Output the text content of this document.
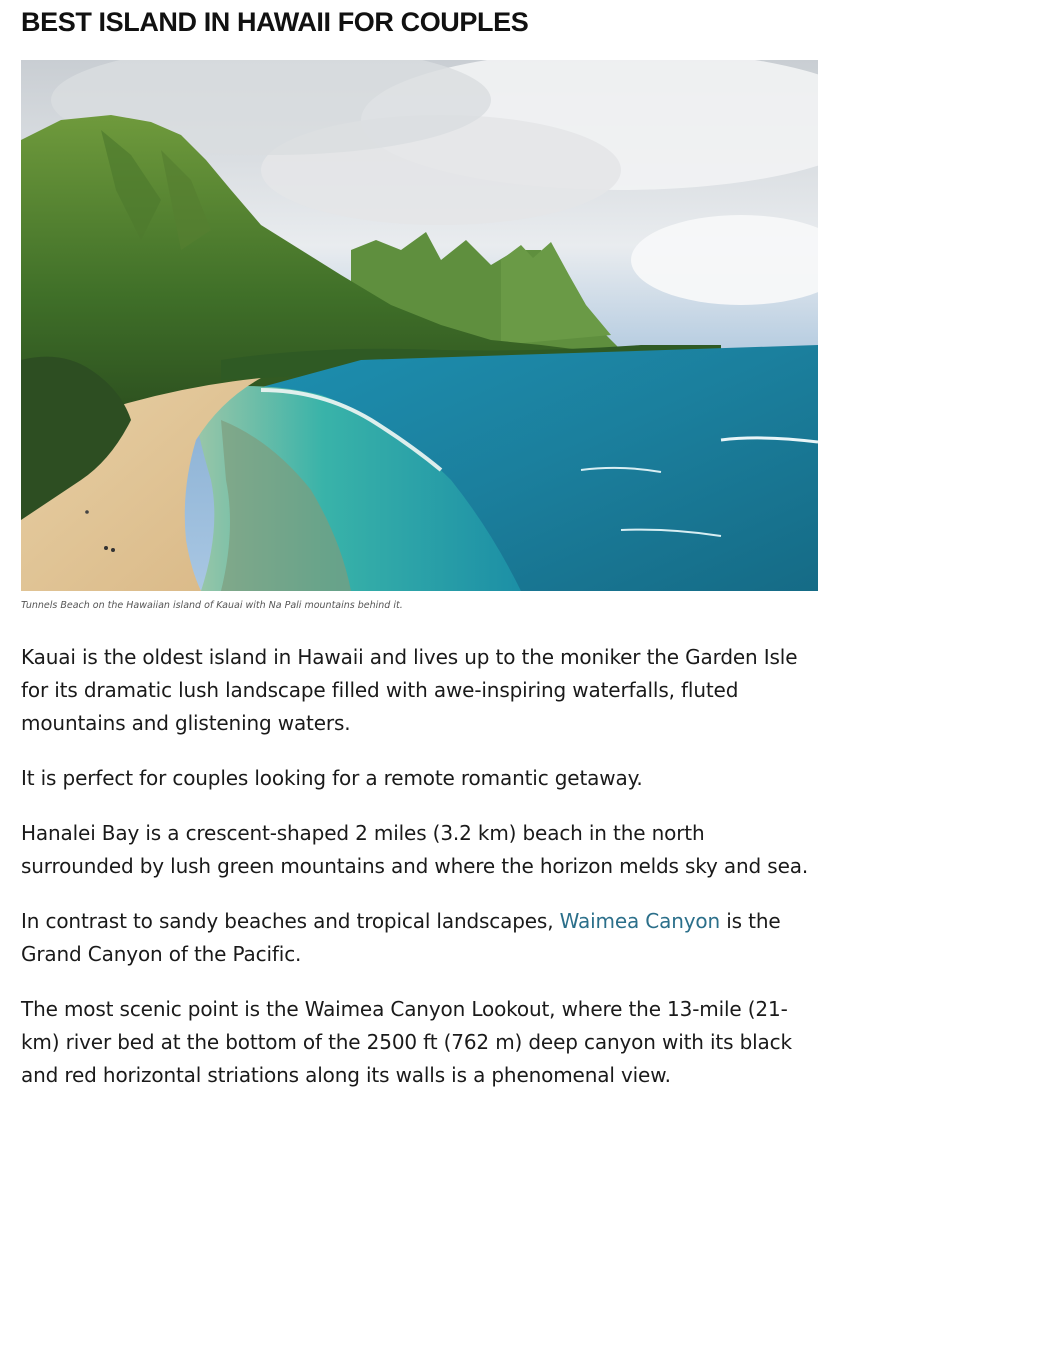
BEST ISLAND IN HAWAII FOR COUPLES
Tunnels Beach on the Hawaiian island of Kauai with Na Pali mountains behind it.

Kauai is the oldest island in Hawaii and lives up to the moniker the Garden Isle for its dramatic lush landscape filled with awe-inspiring waterfalls, fluted mountains and glistening waters.

It is perfect for couples looking for a remote romantic getaway.

Hanalei Bay is a crescent-shaped 2 miles (3.2 km) beach in the north surrounded by lush green mountains and where the horizon melds sky and sea.

In contrast to sandy beaches and tropical landscapes, Waimea Canyon is the Grand Canyon of the Pacific.

The most scenic point is the Waimea Canyon Lookout, where the 13-mile (21-km) river bed at the bottom of the 2500 ft (762 m) deep canyon with its black and red horizontal striations along its walls is a phenomenal view.
